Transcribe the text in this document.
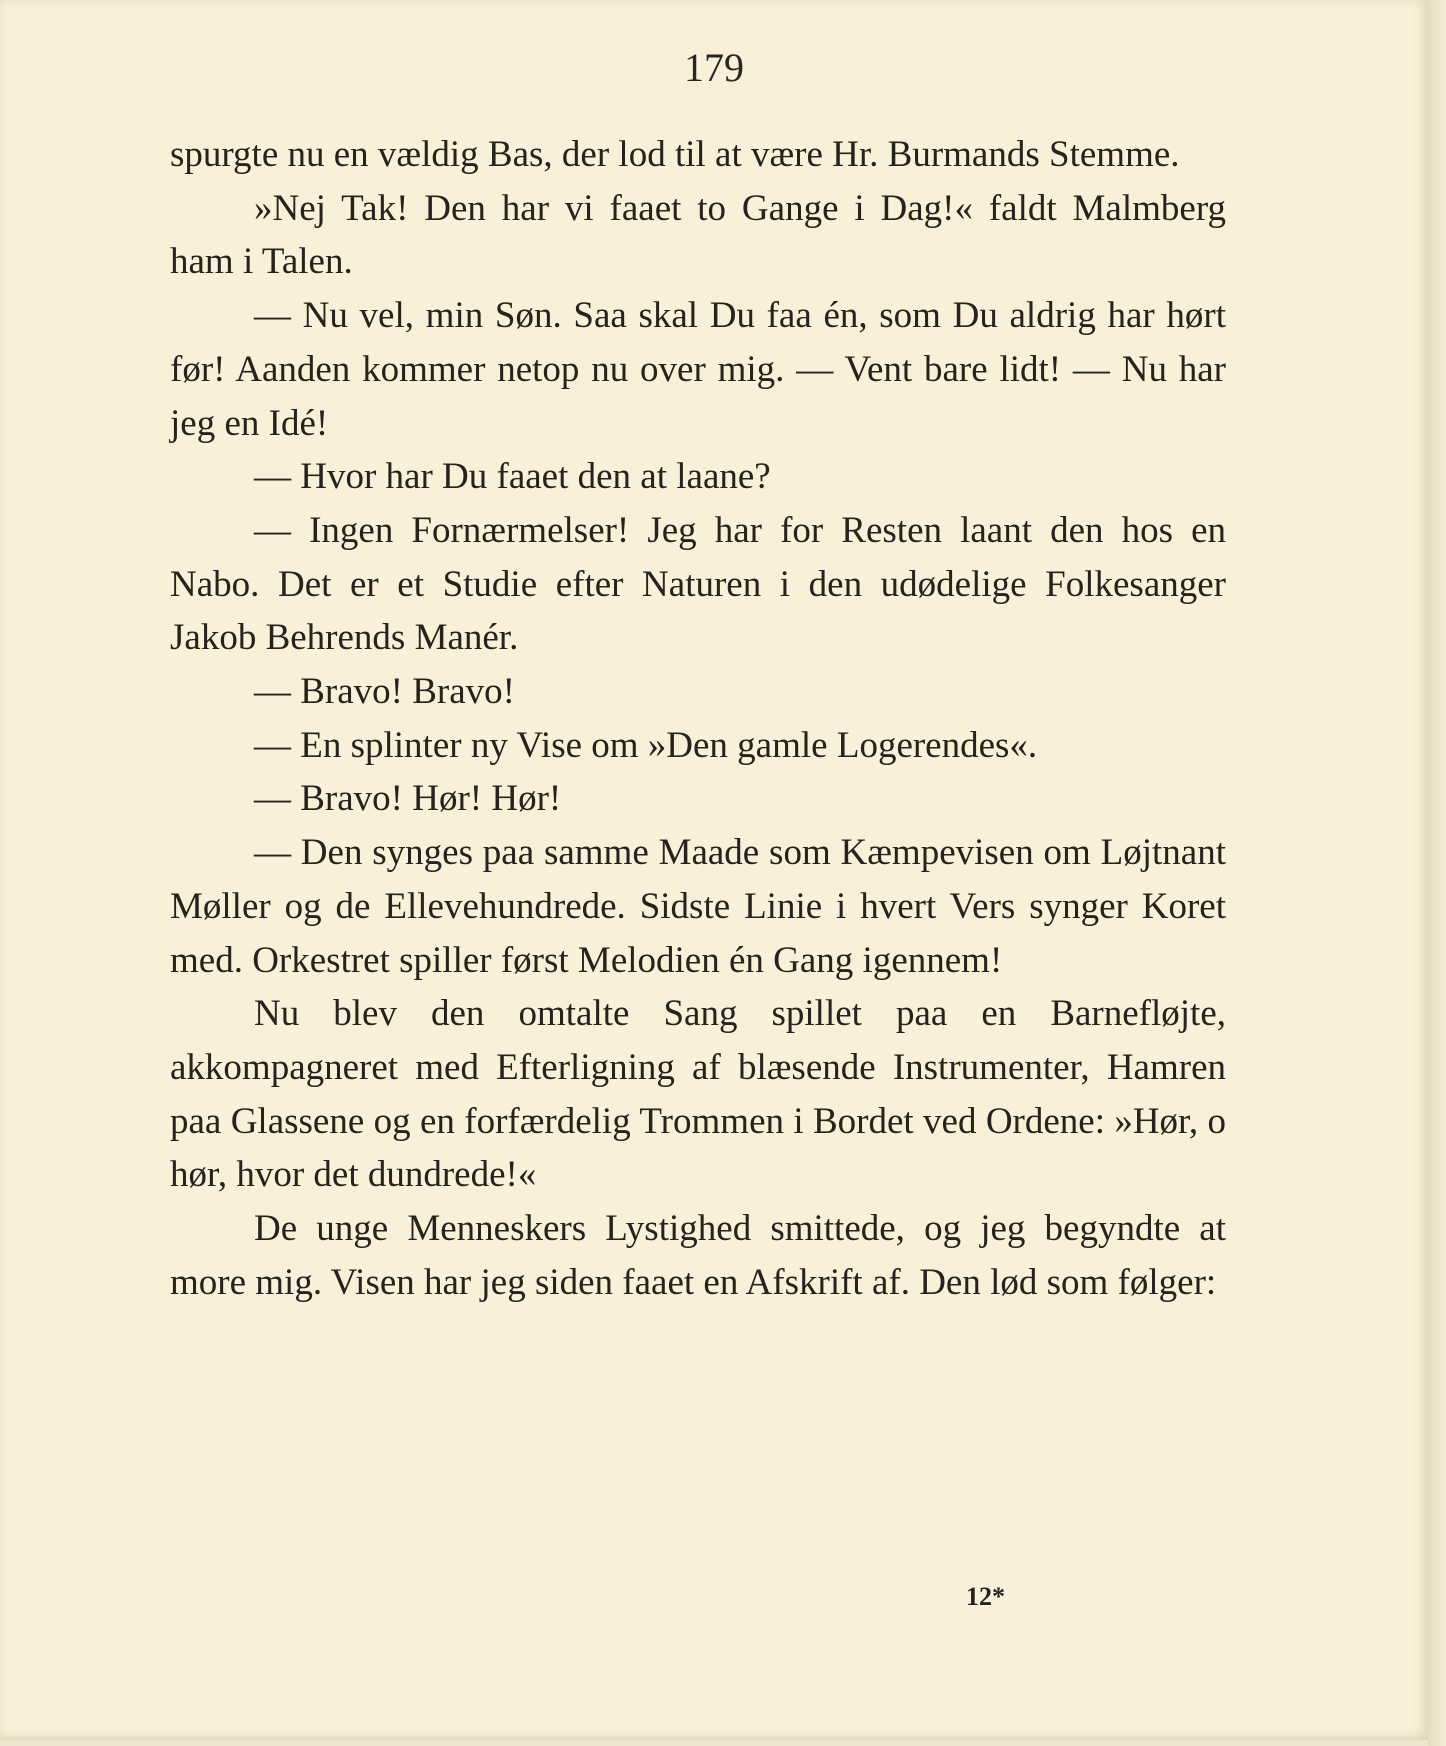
179

spurgte nu en vældig Bas, der lod til at være Hr. Burmands Stemme.

»Nej Tak! Den har vi faaet to Gange i Dag!« faldt Malmberg ham i Talen.

— Nu vel, min Søn. Saa skal Du faa én, som Du aldrig har hørt før! Aanden kommer netop nu over mig. — Vent bare lidt! — Nu har jeg en Idé!

— Hvor har Du faaet den at laane?

— Ingen Fornærmelser! Jeg har for Resten laant den hos en Nabo. Det er et Studie efter Naturen i den udødelige Folkesanger Jakob Behrends Manér.

— Bravo! Bravo!

— En splinter ny Vise om »Den gamle Logerendes«.

— Bravo! Hør! Hør!

— Den synges paa samme Maade som Kæmpevisen om Løjtnant Møller og de Ellevehundrede. Sidste Linie i hvert Vers synger Koret med. Orkestret spiller først Melodien én Gang igennem!

Nu blev den omtalte Sang spillet paa en Barnefløjte, akkompagneret med Efterligning af blæsende Instrumenter, Hamren paa Glassene og en forfærdelig Trommen i Bordet ved Ordene: »Hør, o hør, hvor det dundrede!«

De unge Menneskers Lystighed smittede, og jeg begyndte at more mig. Visen har jeg siden faaet en Afskrift af. Den lød som følger:

12*
